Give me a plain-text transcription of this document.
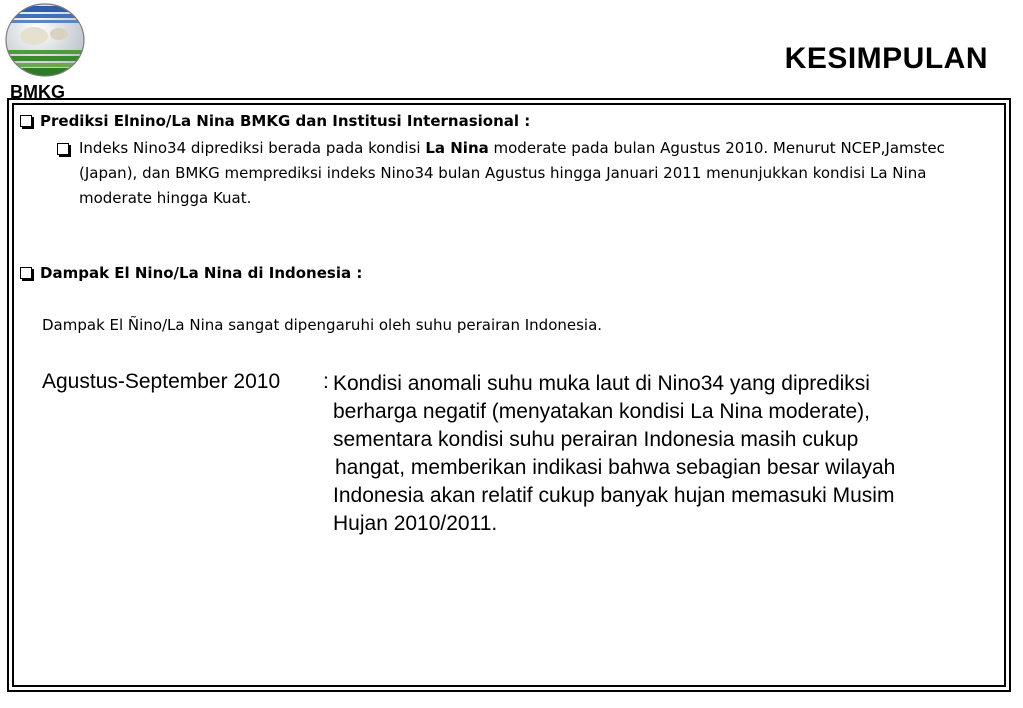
BMKG
KESIMPULAN
Prediksi Elnino/La Nina BMKG dan Institusi Internasional :
Indeks Nino34 diprediksi berada pada kondisi La Nina moderate pada bulan Agustus 2010. Menurut NCEP,Jamstec (Japan), dan BMKG memprediksi indeks Nino34 bulan Agustus hingga Januari 2011 menunjukkan kondisi La Nina moderate hingga Kuat.
Dampak El Nino/La Nina di Indonesia :
Dampak El Ñino/La Nina sangat dipengaruhi oleh suhu perairan Indonesia.
Agustus-September 2010 : Kondisi anomali suhu muka laut di Nino34 yang diprediksi
berharga negatif (menyatakan kondisi La Nina moderate),
sementara kondisi suhu perairan Indonesia masih cukup
hangat, memberikan indikasi bahwa sebagian besar wilayah
Indonesia akan relatif cukup banyak hujan memasuki Musim
Hujan 2010/2011.
